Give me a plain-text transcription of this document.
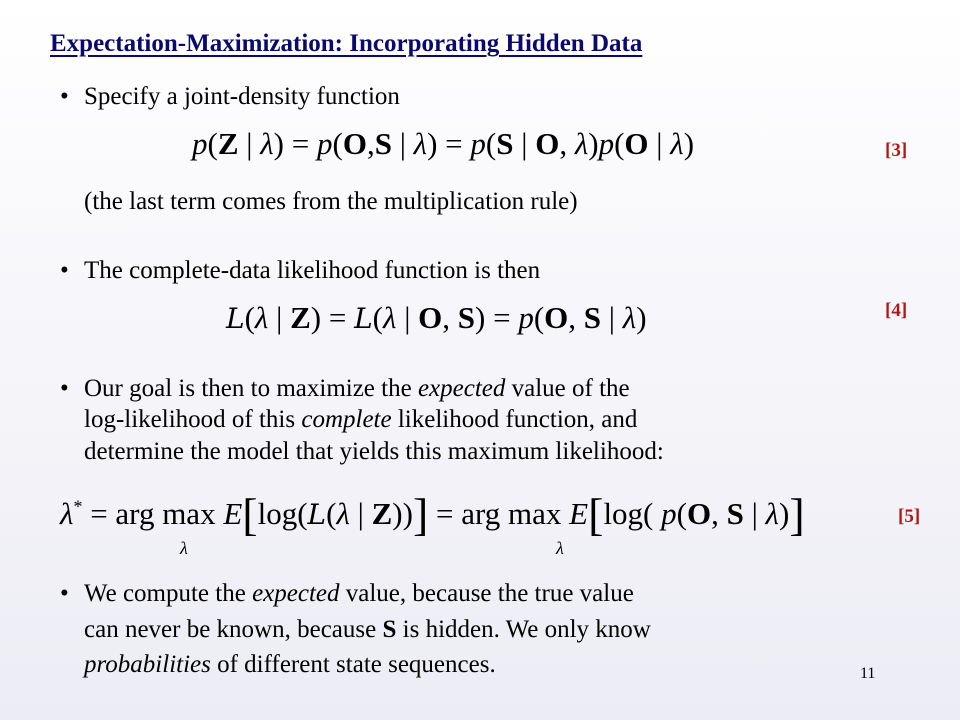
Expectation-Maximization: Incorporating Hidden Data
• Specify a joint-density function
p(Z | λ) = p(O,S | λ) = p(S | O, λ)p(O | λ)	[3]
(the last term comes from the multiplication rule)
• The complete-data likelihood function is then
L(λ | Z) = L(λ | O, S) = p(O, S | λ)	[4]
• Our goal is then to maximize the expected value of the
log-likelihood of this complete likelihood function, and
determine the model that yields this maximum likelihood:
λ* = arg max E[log(L(λ | Z))] = arg max E[log( p(O, S | λ)]
λ	λ
[5]
• We compute the expected value, because the true value
can never be known, because S is hidden. We only know
probabilities of different state sequences.	11
